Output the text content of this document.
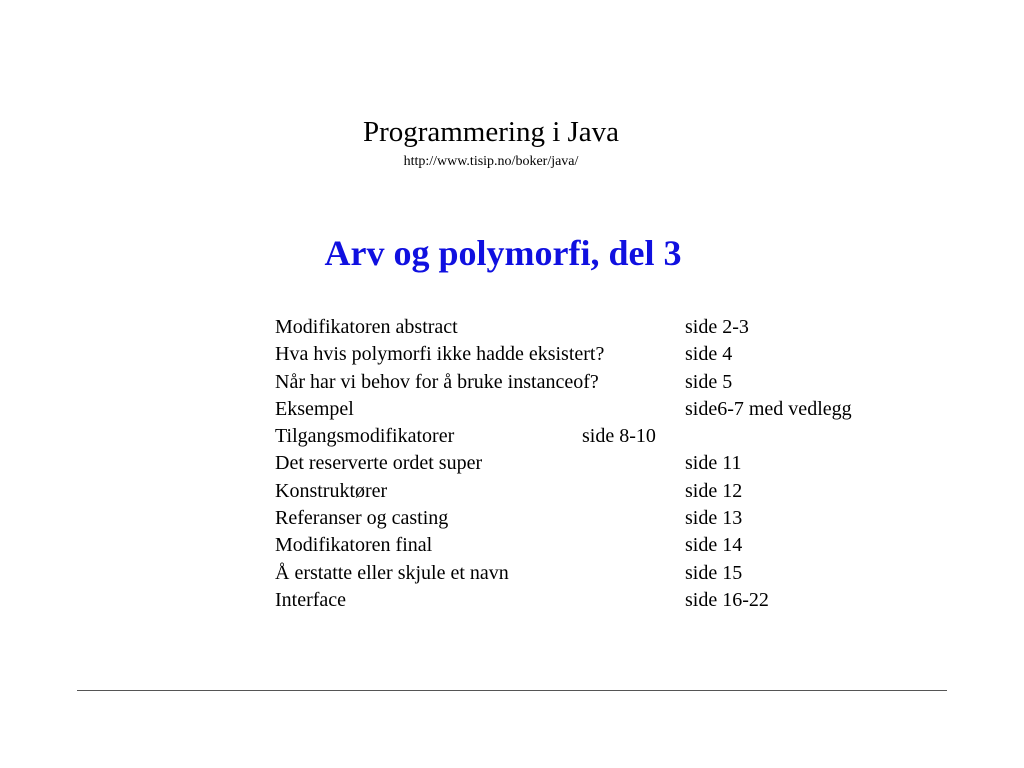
Programmering i Java
http://www.tisip.no/boker/java/
Arv og polymorfi, del 3
Modifikatoren abstract	side 2-3
Hva hvis polymorfi ikke hadde eksistert?	side 4
Når har vi behov for å bruke instanceof?	side 5
Eksempel	side6-7 med vedlegg
Tilgangsmodifikatorer	side 8-10
Det reserverte ordet super	side 11
Konstruktører	side 12
Referanser og casting	side 13
Modifikatoren final	side 14
Å erstatte eller skjule et navn	side 15
Interface	side 16-22
